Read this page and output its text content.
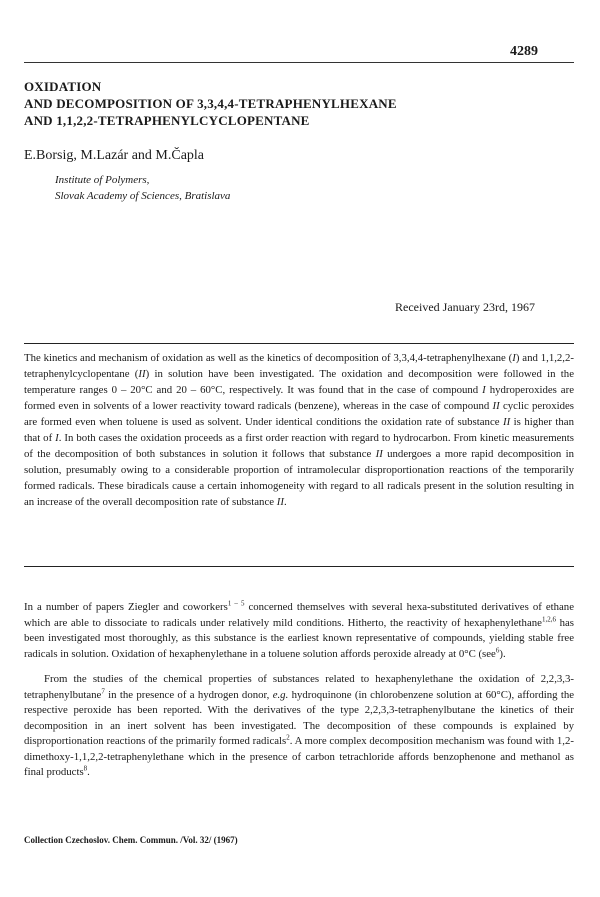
4289
OXIDATION
AND DECOMPOSITION OF 3,3,4,4-TETRAPHENYLHEXANE
AND 1,1,2,2-TETRAPHENYLCYCLOPENTANE
E.Borsig, M.Lazár and M.Čapla
Institute of Polymers,
Slovak Academy of Sciences, Bratislava
Received January 23rd, 1967

The kinetics and mechanism of oxidation as well as the kinetics of decomposition of 3,3,4,4-tetraphenylhexane (I) and 1,1,2,2-tetraphenylcyclopentane (II) in solution have been investigated. The oxidation and decomposition were followed in the temperature ranges 0 – 20°C and 20 – 60°C, respectively. It was found that in the case of compound I hydroperoxides are formed even in solvents of a lower reactivity toward radicals (benzene), whereas in the case of compound II cyclic peroxides are formed even when toluene is used as solvent. Under identical conditions the oxidation rate of substance II is higher than that of I. In both cases the oxidation proceeds as a first order reaction with regard to hydrocarbon. From kinetic measurements of the decomposition of both substances in solution it follows that substance II undergoes a more rapid decomposition in solution, presumably owing to a considerable proportion of intramolecular disproportionation reactions of the temporarily formed radicals. These biradicals cause a certain inhomogeneity with regard to all radicals present in the solution resulting in an increase of the overall decomposition rate of substance II.

In a number of papers Ziegler and coworkers$^{1 - 5}$ concerned themselves with several hexa-substituted derivatives of ethane which are able to dissociate to radicals under relatively mild conditions. Hitherto, the reactivity of hexaphenylethane$^{1,2,6}$ has been investigated most thoroughly, as this substance is the earliest known representative of compounds, yielding stable free radicals in solution. Oxidation of hexaphenylethane in a toluene solution affords peroxide already at 0°C (see$^6$).

From the studies of the chemical properties of substances related to hexaphenylethane the oxidation of 2,2,3,3-tetraphenylbutane$^7$ in the presence of a hydrogen donor, e.g. hydroquinone (in chlorobenzene solution at 60°C), affording the respective peroxide has been reported. With the derivatives of the type 2,2,3,3-tetraphenylbutane the kinetics of their decomposition in an inert solvent has been investigated. The decomposition of these compounds is explained by disproportionation reactions of the primarily formed radicals$^2$. A more complex decomposition mechanism was found with 1,2-dimethoxy-1,1,2,2-tetraphenylethane which in the presence of carbon tetrachloride affords benzophenone and methanol as final products$^8$.

Collection Czechoslov. Chem. Commun. /Vol. 32/ (1967)
